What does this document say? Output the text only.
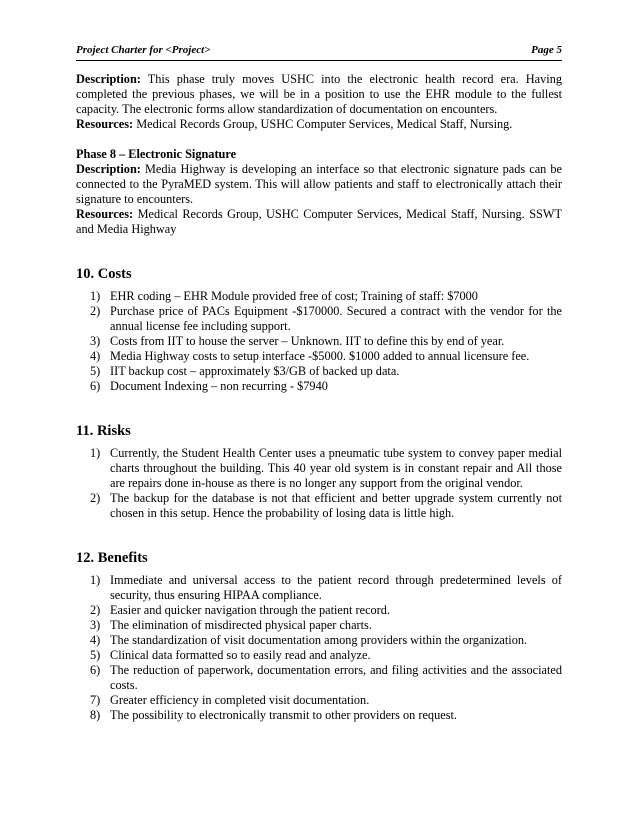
Project Charter for <Project>	Page 5

Description: This phase truly moves USHC into the electronic health record era. Having completed the previous phases, we will be in a position to use the EHR module to the fullest capacity. The electronic forms allow standardization of documentation on encounters.

Resources: Medical Records Group, USHC Computer Services, Medical Staff, Nursing.

Phase 8 – Electronic Signature

Description: Media Highway is developing an interface so that electronic signature pads can be connected to the PyraMED system. This will allow patients and staff to electronically attach their signature to encounters.

Resources: Medical Records Group, USHC Computer Services, Medical Staff, Nursing. SSWT and Media Highway

10. Costs
1) EHR coding – EHR Module provided free of cost; Training of staff: $7000
2) Purchase price of PACs Equipment -$170000. Secured a contract with the vendor for the annual license fee including support.
3) Costs from IIT to house the server – Unknown. IIT to define this by end of year.
4) Media Highway costs to setup interface -$5000. $1000 added to annual licensure fee.
5) IIT backup cost – approximately $3/GB of backed up data.
6) Document Indexing – non recurring - $7940
11. Risks
1) Currently, the Student Health Center uses a pneumatic tube system to convey paper medial charts throughout the building. This 40 year old system is in constant repair and All those are repairs done in-house as there is no longer any support from the original vendor.
2) The backup for the database is not that efficient and better upgrade system currently not chosen in this setup. Hence the probability of losing data is little high.
12. Benefits
1) Immediate and universal access to the patient record through predetermined levels of security, thus ensuring HIPAA compliance.
2) Easier and quicker navigation through the patient record.
3) The elimination of misdirected physical paper charts.
4) The standardization of visit documentation among providers within the organization.
5) Clinical data formatted so to easily read and analyze.
6) The reduction of paperwork, documentation errors, and filing activities and the associated costs.
7) Greater efficiency in completed visit documentation.
8) The possibility to electronically transmit to other providers on request.
